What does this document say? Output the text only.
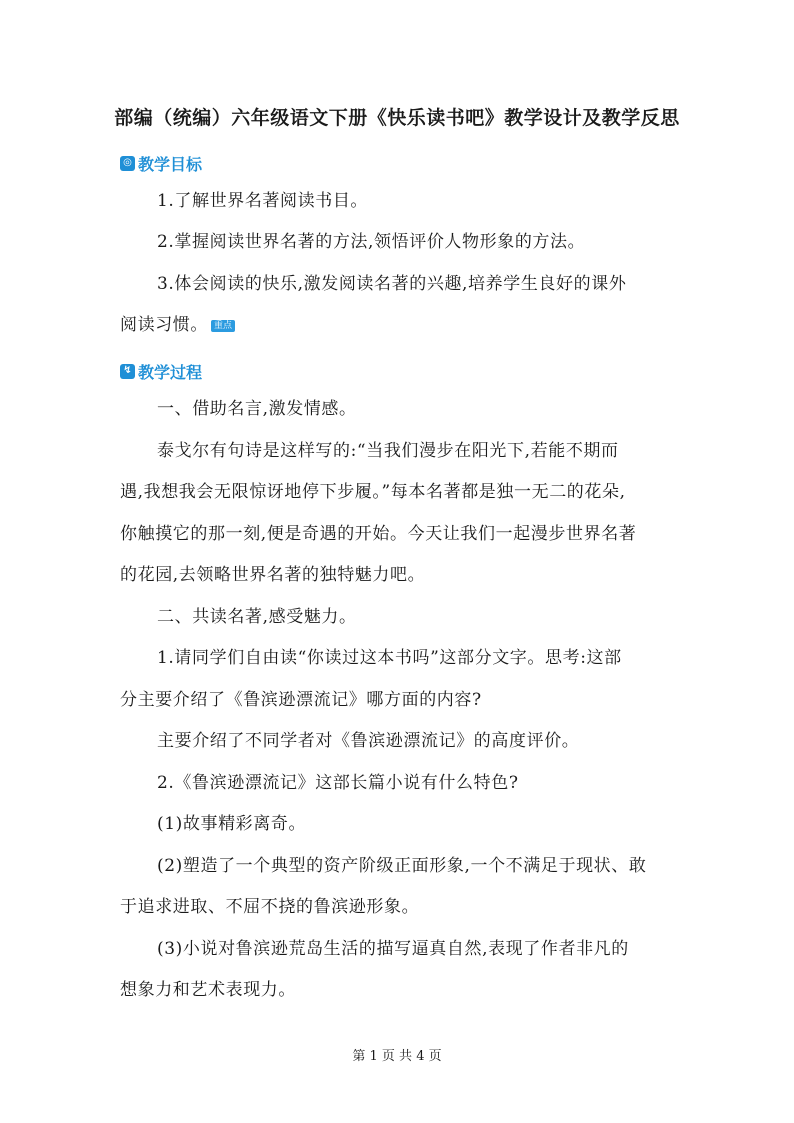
部编（统编）六年级语文下册《快乐读书吧》教学设计及教学反思
◎ 教学目标
1.了解世界名著阅读书目。
2.掌握阅读世界名著的方法,领悟评价人物形象的方法。
3.体会阅读的快乐,激发阅读名著的兴趣,培养学生良好的课外
阅读习惯。 重点
↯ 教学过程
一、借助名言,激发情感。
泰戈尔有句诗是这样写的:“当我们漫步在阳光下,若能不期而
遇,我想我会无限惊讶地停下步履。”每本名著都是独一无二的花朵,
你触摸它的那一刻,便是奇遇的开始。今天让我们一起漫步世界名著
的花园,去领略世界名著的独特魅力吧。
二、共读名著,感受魅力。
1.请同学们自由读“你读过这本书吗”这部分文字。思考:这部
分主要介绍了《鲁滨逊漂流记》哪方面的内容?
主要介绍了不同学者对《鲁滨逊漂流记》的高度评价。
2.《鲁滨逊漂流记》这部长篇小说有什么特色?
(1)故事精彩离奇。
(2)塑造了一个典型的资产阶级正面形象,一个不满足于现状、敢
于追求进取、不屈不挠的鲁滨逊形象。
(3)小说对鲁滨逊荒岛生活的描写逼真自然,表现了作者非凡的
想象力和艺术表现力。
第 1 页 共 4 页
